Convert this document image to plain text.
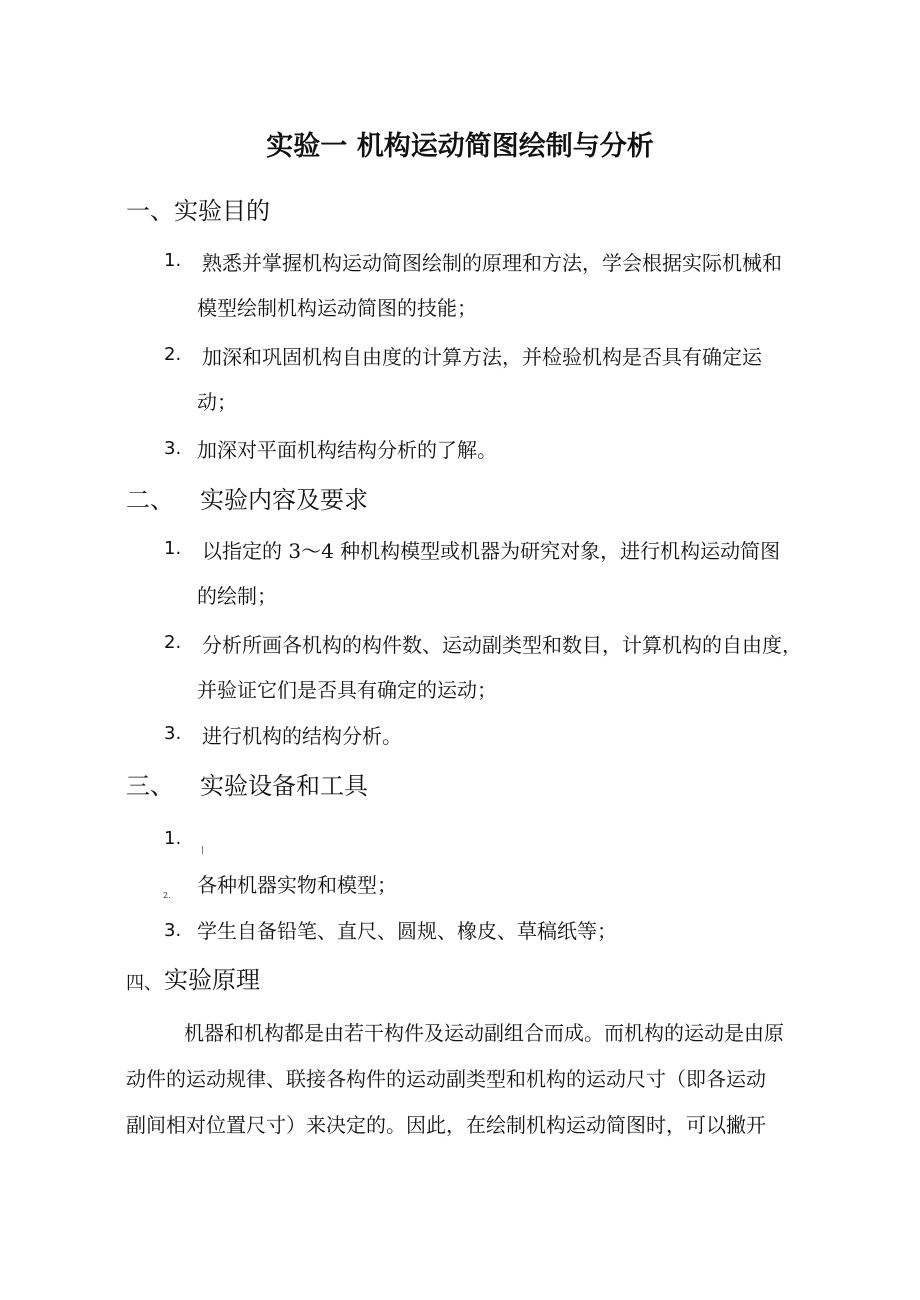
实验一 机构运动简图绘制与分析
一、实验目的
1. 熟悉并掌握机构运动简图绘制的原理和方法，学会根据实际机械和
模型绘制机构运动简图的技能；
2. 加深和巩固机构自由度的计算方法，并检验机构是否具有确定运
动；
3. 加深对平面机构结构分析的了解。
二、 实验内容及要求
1. 以指定的 3～4 种机构模型或机器为研究对象，进行机构运动简图
的绘制；
2. 分析所画各机构的构件数、运动副类型和数目，计算机构的自由度，
并验证它们是否具有确定的运动；
3. 进行机构的结构分析。
三、 实验设备和工具
1.
2. 各种机器实物和模型；
3. 学生自备铅笔、直尺、圆规、橡皮、草稿纸等；
四、 实验原理
机器和机构都是由若干构件及运动副组合而成。而机构的运动是由原
动件的运动规律、联接各构件的运动副类型和机构的运动尺寸（即各运动
副间相对位置尺寸）来决定的。因此，在绘制机构运动简图时，可以撇开
